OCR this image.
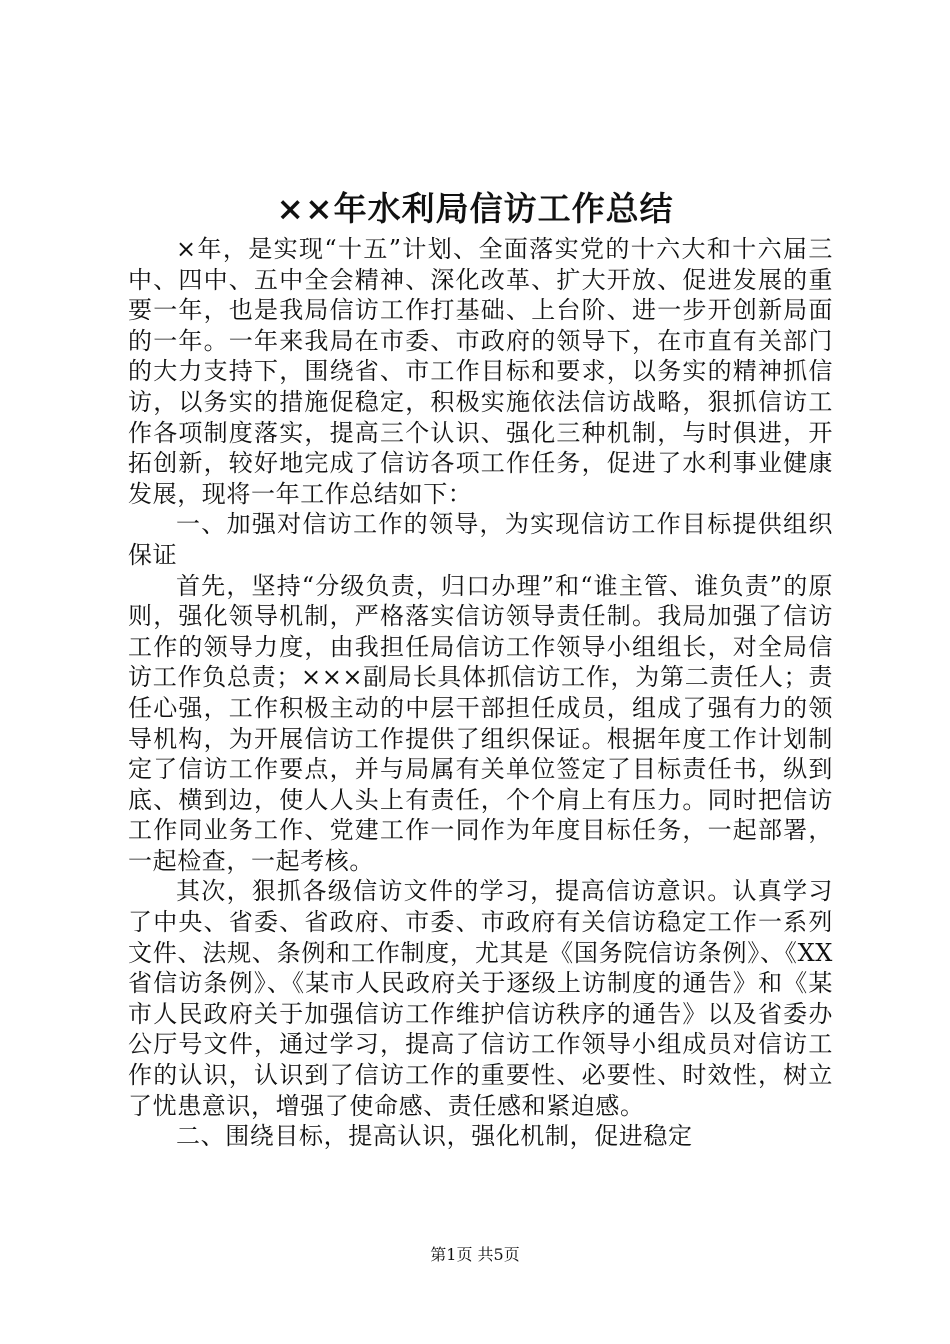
××年水利局信访工作总结

×年，是实现“十五”计划、全面落实党的十六大和十六届三中、四中、五中全会精神、深化改革、扩大开放、促进发展的重要一年，也是我局信访工作打基础、上台阶、进一步开创新局面的一年。一年来我局在市委、市政府的领导下，在市直有关部门的大力支持下，围绕省、市工作目标和要求，以务实的精神抓信访，以务实的措施促稳定，积极实施依法信访战略，狠抓信访工作各项制度落实，提高三个认识、强化三种机制，与时俱进，开拓创新，较好地完成了信访各项工作任务，促进了水利事业健康发展，现将一年工作总结如下：

一、加强对信访工作的领导，为实现信访工作目标提供组织保证

首先，坚持“分级负责，归口办理”和“谁主管、谁负责”的原则，强化领导机制，严格落实信访领导责任制。我局加强了信访工作的领导力度，由我担任局信访工作领导小组组长，对全局信访工作负总责；×××副局长具体抓信访工作，为第二责任人；责任心强，工作积极主动的中层干部担任成员，组成了强有力的领导机构，为开展信访工作提供了组织保证。根据年度工作计划制定了信访工作要点，并与局属有关单位签定了目标责任书，纵到底、横到边，使人人头上有责任，个个肩上有压力。同时把信访工作同业务工作、党建工作一同作为年度目标任务，一起部署，一起检查，一起考核。

其次，狠抓各级信访文件的学习，提高信访意识。认真学习了中央、省委、省政府、市委、市政府有关信访稳定工作一系列文件、法规、条例和工作制度，尤其是《国务院信访条例》、《XX省信访条例》、《某市人民政府关于逐级上访制度的通告》和《某市人民政府关于加强信访工作维护信访秩序的通告》以及省委办公厅号文件，通过学习，提高了信访工作领导小组成员对信访工作的认识，认识到了信访工作的重要性、必要性、时效性，树立了忧患意识，增强了使命感、责任感和紧迫感。

二、围绕目标，提高认识，强化机制，促进稳定

第1页 共5页
